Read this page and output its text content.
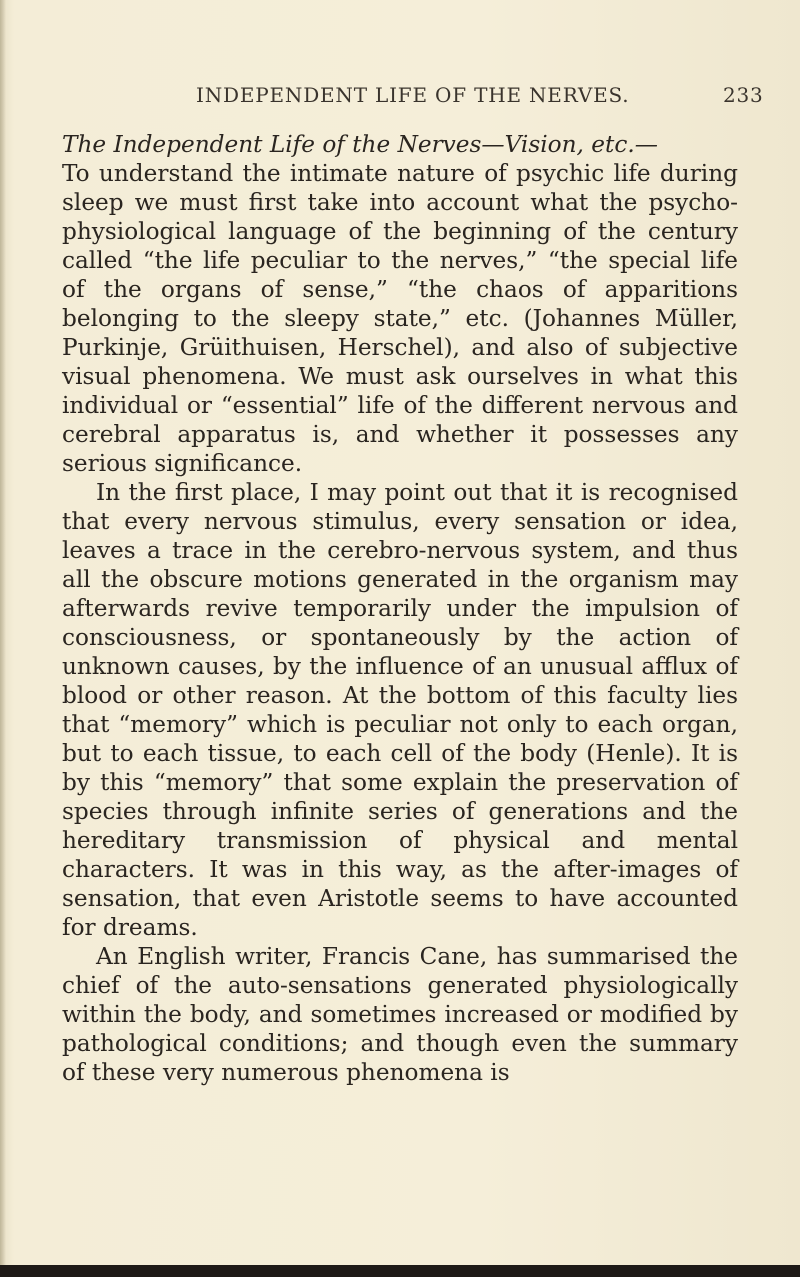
INDEPENDENT LIFE OF THE NERVES.	233

The Independent Life of the Nerves—Vision, etc.—
To understand the intimate nature of psychic life during sleep we must first take into account what the psycho-physiological language of the beginning of the century called “the life peculiar to the nerves,” “the special life of the organs of sense,” “the chaos of apparitions belonging to the sleepy state,” etc. (Johannes Müller, Purkinje, Grüithuisen, Herschel), and also of subjective visual phenomena. We must ask ourselves in what this individual or “essential” life of the different nervous and cerebral apparatus is, and whether it possesses any serious significance.

In the first place, I may point out that it is recognised that every nervous stimulus, every sensation or idea, leaves a trace in the cerebro-nervous system, and thus all the obscure motions generated in the organism may afterwards revive temporarily under the impulsion of consciousness, or spontaneously by the action of unknown causes, by the influence of an unusual afflux of blood or other reason. At the bottom of this faculty lies that “memory” which is peculiar not only to each organ, but to each tissue, to each cell of the body (Henle). It is by this “memory” that some explain the preservation of species through infinite series of generations and the hereditary transmission of physical and mental characters. It was in this way, as the after-images of sensation, that even Aristotle seems to have accounted for dreams.

An English writer, Francis Cane, has summarised the chief of the auto-sensations generated physiologically within the body, and sometimes increased or modified by pathological conditions; and though even the summary of these very numerous phenomena is
